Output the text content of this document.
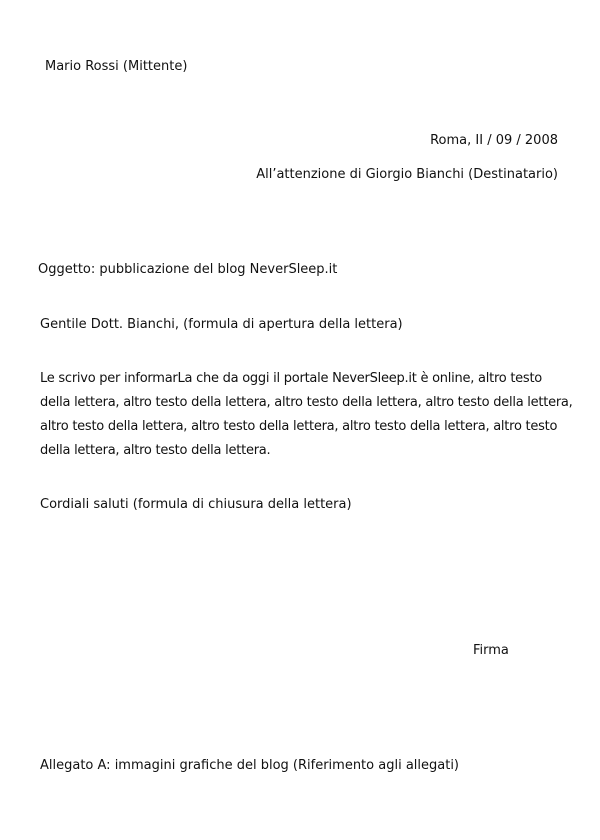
Mario Rossi (Mittente)
Roma, II / 09 / 2008
All’attenzione di Giorgio Bianchi (Destinatario)
Oggetto: pubblicazione del blog NeverSleep.it
Gentile Dott. Bianchi, (formula di apertura della lettera)
Le scrivo per informarLa che da oggi il portale NeverSleep.it è online, altro testo
della lettera, altro testo della lettera, altro testo della lettera, altro testo della lettera,
altro testo della lettera, altro testo della lettera, altro testo della lettera, altro testo
della lettera, altro testo della lettera.
Cordiali saluti (formula di chiusura della lettera)
Firma
Allegato A: immagini grafiche del blog (Riferimento agli allegati)
